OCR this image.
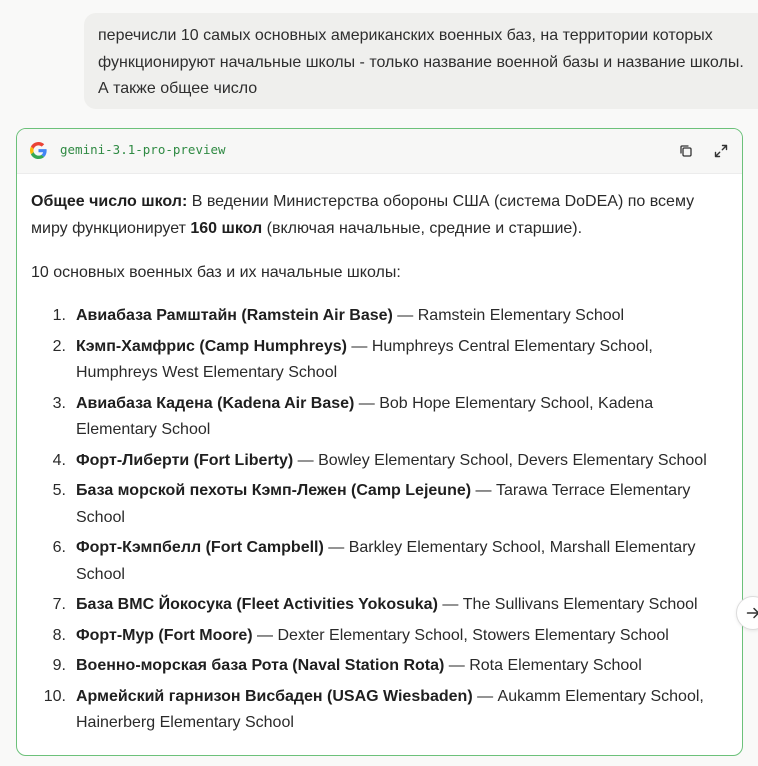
перечисли 10 самых основных американских военных баз, на территории которых
функционируют начальные школы - только название военной базы и название школы.
А также общее число
gemini-3.1-pro-preview

Общее число школ: В ведении Министерства обороны США (система DoDEA) по всему миру функционирует 160 школ (включая начальные, средние и старшие).

10 основных военных баз и их начальные школы:

1. Авиабаза Рамштайн (Ramstein Air Base) — Ramstein Elementary School
2. Кэмп-Хамфрис (Camp Humphreys) — Humphreys Central Elementary School, Humphreys West Elementary School
3. Авиабаза Кадена (Kadena Air Base) — Bob Hope Elementary School, Kadena Elementary School
4. Форт-Либерти (Fort Liberty) — Bowley Elementary School, Devers Elementary School
5. База морской пехоты Кэмп-Лежен (Camp Lejeune) — Tarawa Terrace Elementary School
6. Форт-Кэмпбелл (Fort Campbell) — Barkley Elementary School, Marshall Elementary School
7. База ВМС Йокосука (Fleet Activities Yokosuka) — The Sullivans Elementary School
8. Форт-Мур (Fort Moore) — Dexter Elementary School, Stowers Elementary School
9. Военно-морская база Рота (Naval Station Rota) — Rota Elementary School
10. Армейский гарнизон Висбаден (USAG Wiesbaden) — Aukamm Elementary School, Hainerberg Elementary School
